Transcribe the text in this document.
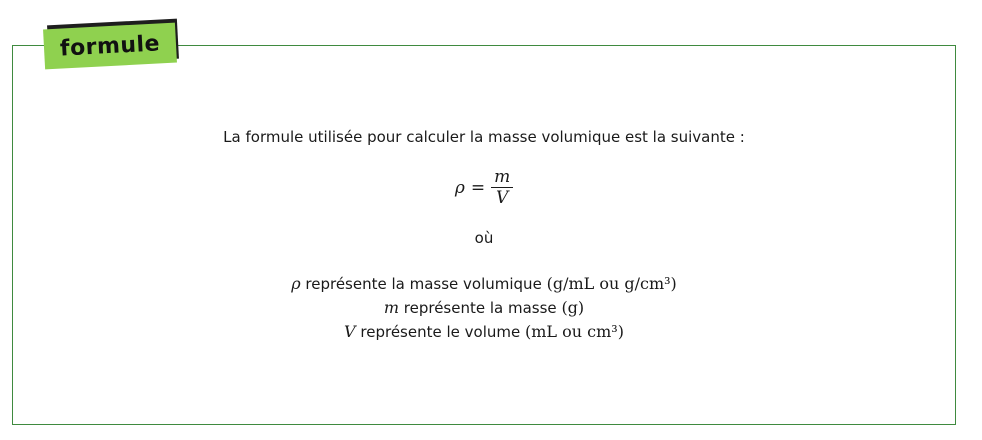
formule

La formule utilisée pour calculer la masse volumique est la suivante :

$\rho = \frac{m}{V}$
où

ρ représente la masse volumique (g/mL ou g/cm³)

m représente la masse (g)

V représente le volume (mL ou cm³)
